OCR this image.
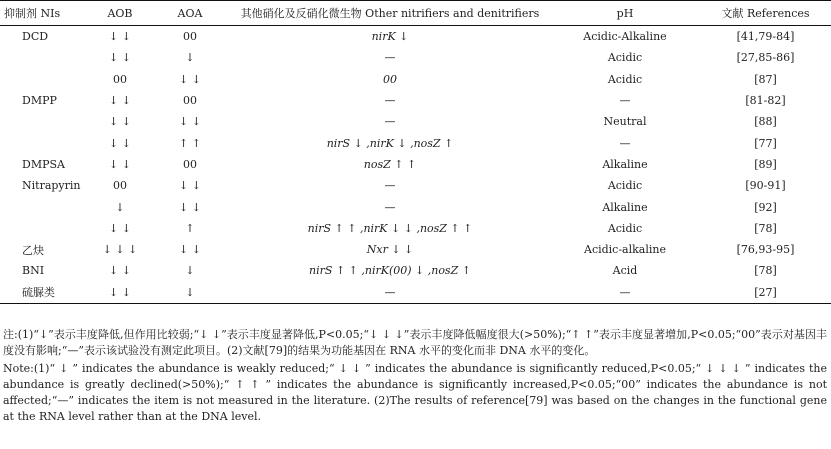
抑制剂 NIs	AOB	AOA	其他硝化及反硝化微生物 Other nitrifiers and denitrifiers	pH	文献 References
DCD	↓ ↓	00	nirK ↓	Acidic-Alkaline	[41,79-84]
	↓ ↓	↓	—	Acidic	[27,85-86]
	00	↓ ↓	00	Acidic	[87]
DMPP	↓ ↓	00	—	—	[81-82]
	↓ ↓	↓ ↓	—	Neutral	[88]
	↓ ↓	↑ ↑	nirS ↓ ,nirK ↓ ,nosZ ↑	—	[77]
DMPSA	↓ ↓	00	nosZ ↑ ↑	Alkaline	[89]
Nitrapyrin	00	↓ ↓	—	Acidic	[90-91]
	↓	↓ ↓	—	Alkaline	[92]
	↓ ↓	↑	nirS ↑ ↑ ,nirK ↓ ↓ ,nosZ ↑ ↑	Acidic	[78]
乙炔	↓ ↓ ↓	↓ ↓	Nxr ↓ ↓	Acidic-alkaline	[76,93-95]
BNI	↓ ↓	↓	nirS ↑ ↑ ,nirK(00) ↓ ,nosZ ↑	Acid	[78]
硫脲类	↓ ↓	↓	—	—	[27]

注:(1)“↓”表示丰度降低,但作用比较弱;“↓ ↓”表示丰度显著降低,P<0.05;“↓ ↓ ↓”表示丰度降低幅度很大(>50%);“↑ ↑”表示丰度显著增加,P<0.05;“00”表示对基因丰度没有影响;“—”表示该试验没有测定此项目。(2)文献[79]的结果为功能基因在 RNA 水平的变化而非 DNA 水平的变化。

Note:(1)“ ↓ ” indicates the abundance is weakly reduced;“ ↓ ↓ ” indicates the abundance is significantly reduced,P<0.05;“ ↓ ↓ ↓ ” indicates the abundance is greatly declined(>50%);“ ↑ ↑ ” indicates the abundance is significantly increased,P<0.05;“00” indicates the abundance is not affected;“—” indicates the item is not measured in the literature. (2)The results of reference[79] was based on the changes in the functional gene at the RNA level rather than at the DNA level.
